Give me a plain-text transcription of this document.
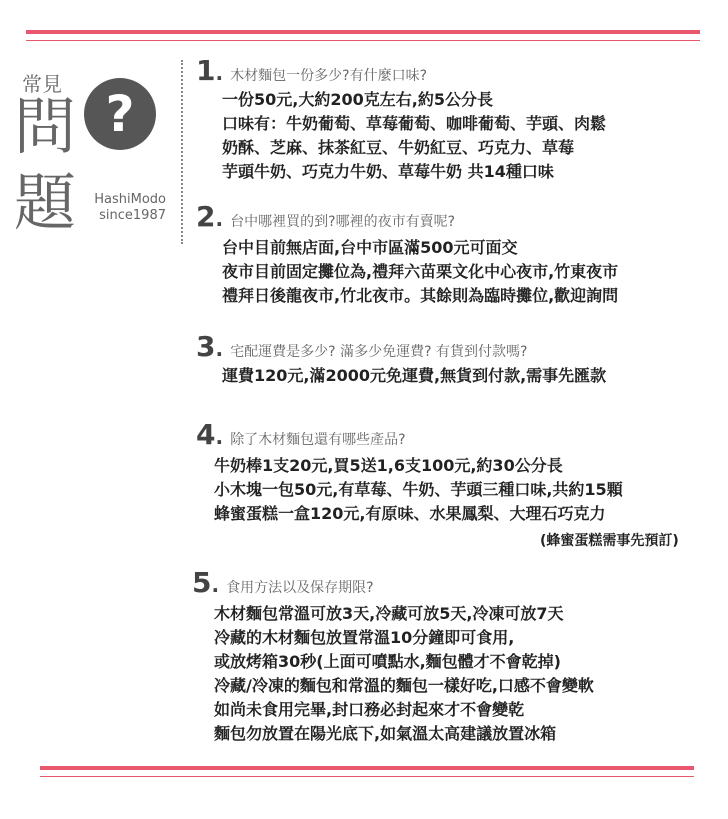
常見
問
題
?
HashiModo
since1987
1. 木材麵包一份多少?有什麼口味?
一份50元,大約200克左右,約5公分長
口味有：牛奶葡萄、草莓葡萄、咖啡葡萄、芋頭、肉鬆
奶酥、芝麻、抹茶紅豆、牛奶紅豆、巧克力、草莓
芋頭牛奶、巧克力牛奶、草莓牛奶 共14種口味
2. 台中哪裡買的到?哪裡的夜市有賣呢?
台中目前無店面,台中市區滿500元可面交
夜市目前固定攤位為,禮拜六苗栗文化中心夜市,竹東夜市
禮拜日後龍夜市,竹北夜市。其餘則為臨時攤位,歡迎詢問
3. 宅配運費是多少? 滿多少免運費? 有貨到付款嗎?
運費120元,滿2000元免運費,無貨到付款,需事先匯款
4. 除了木材麵包還有哪些產品?
牛奶棒1支20元,買5送1,6支100元,約30公分長
小木塊一包50元,有草莓、牛奶、芋頭三種口味,共約15顆
蜂蜜蛋糕一盒120元,有原味、水果鳳梨、大理石巧克力
(蜂蜜蛋糕需事先預訂)
5. 食用方法以及保存期限?
木材麵包常溫可放3天,冷藏可放5天,冷凍可放7天
冷藏的木材麵包放置常溫10分鐘即可食用,
或放烤箱30秒(上面可噴點水,麵包體才不會乾掉)
冷藏/冷凍的麵包和常溫的麵包一樣好吃,口感不會變軟
如尚未食用完畢,封口務必封起來才不會變乾
麵包勿放置在陽光底下,如氣溫太高建議放置冰箱
